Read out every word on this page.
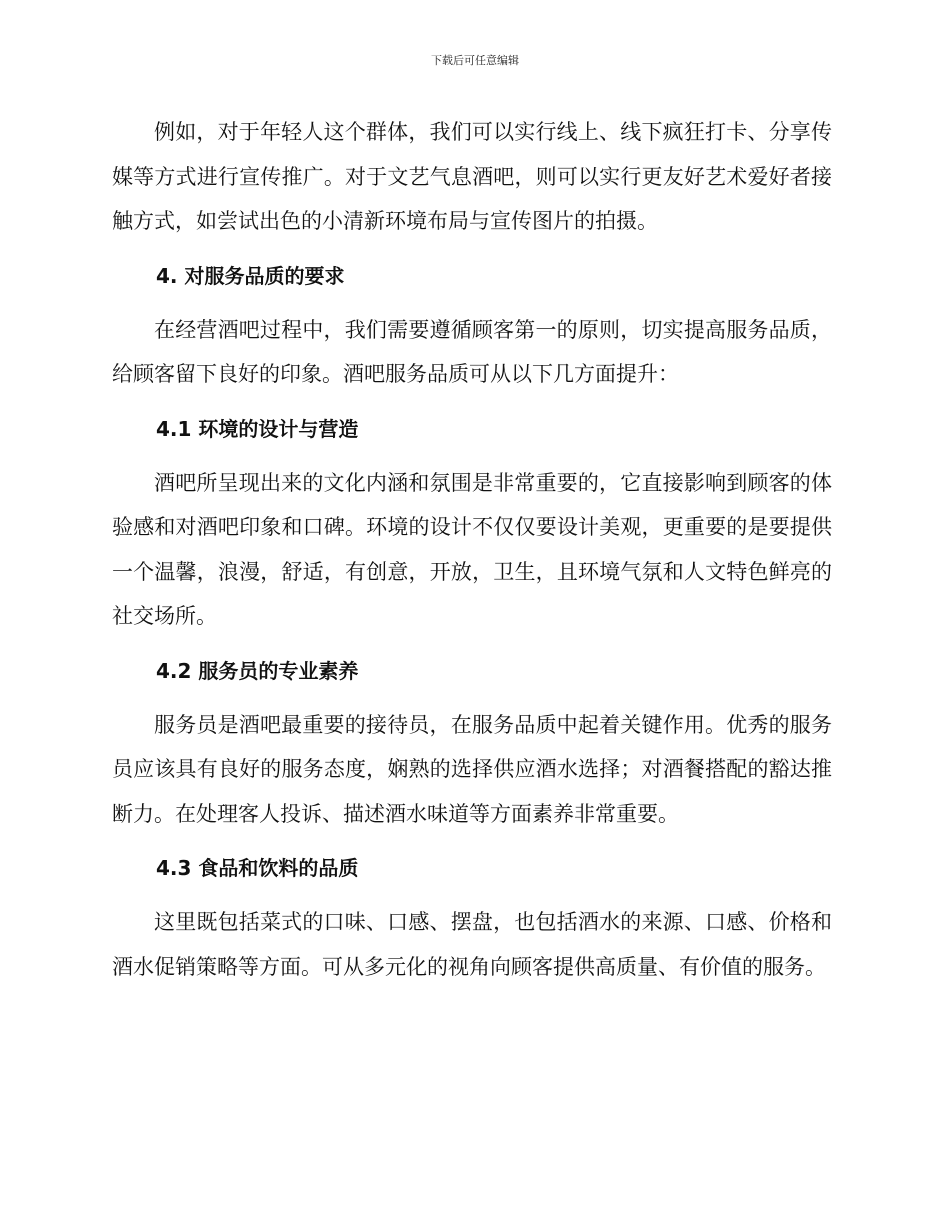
下载后可任意编辑

例如，对于年轻人这个群体，我们可以实行线上、线下疯狂打卡、分享传媒等方式进行宣传推广。对于文艺气息酒吧，则可以实行更友好艺术爱好者接触方式，如尝试出色的小清新环境布局与宣传图片的拍摄。

4. 对服务品质的要求

在经营酒吧过程中，我们需要遵循顾客第一的原则，切实提高服务品质，给顾客留下良好的印象。酒吧服务品质可从以下几方面提升：

4.1 环境的设计与营造

酒吧所呈现出来的文化内涵和氛围是非常重要的，它直接影响到顾客的体验感和对酒吧印象和口碑。环境的设计不仅仅要设计美观，更重要的是要提供一个温馨，浪漫，舒适，有创意，开放，卫生，且环境气氛和人文特色鲜亮的社交场所。

4.2 服务员的专业素养

服务员是酒吧最重要的接待员，在服务品质中起着关键作用。优秀的服务员应该具有良好的服务态度，娴熟的选择供应酒水选择；对酒餐搭配的豁达推断力。在处理客人投诉、描述酒水味道等方面素养非常重要。

4.3 食品和饮料的品质

这里既包括菜式的口味、口感、摆盘，也包括酒水的来源、口感、价格和酒水促销策略等方面。可从多元化的视角向顾客提供高质量、有价值的服务。
